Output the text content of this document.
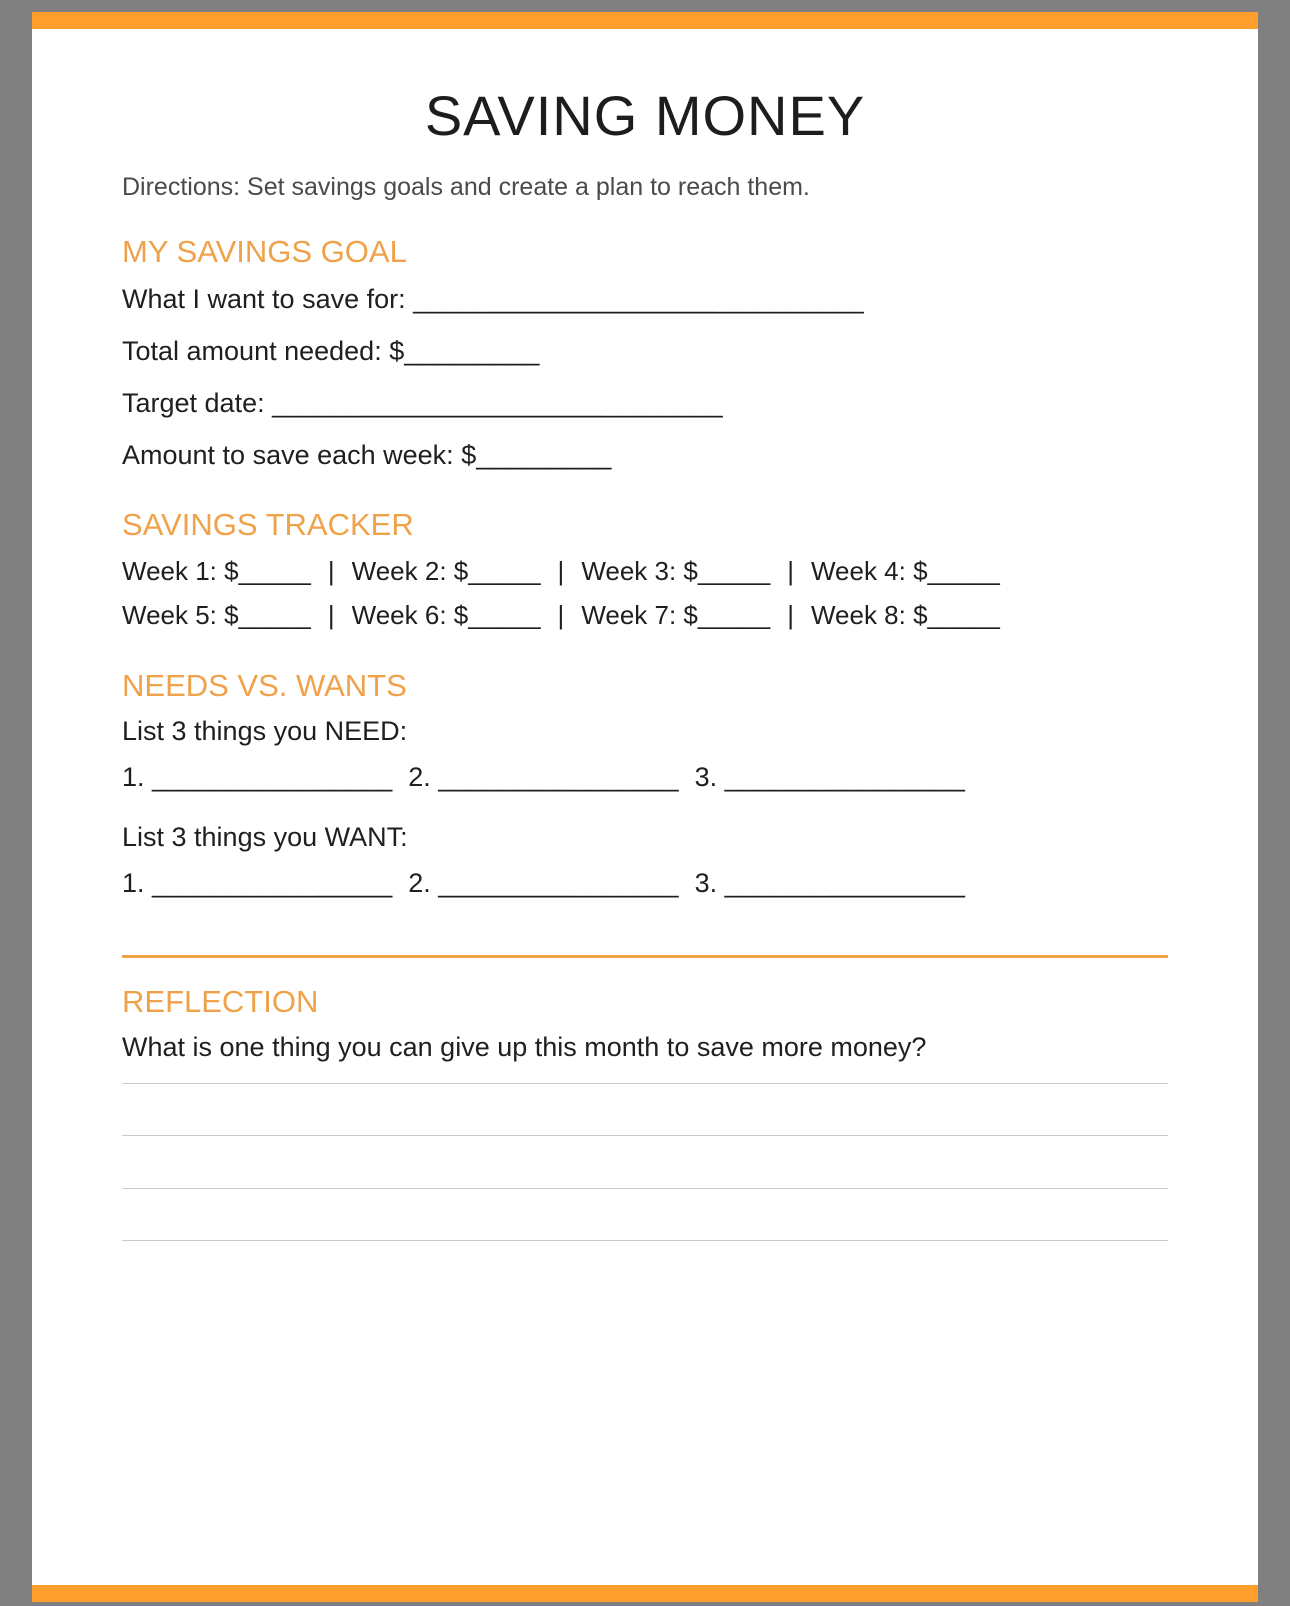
SAVING MONEY

Directions: Set savings goals and create a plan to reach them.

MY SAVINGS GOAL

What I want to save for: ______________________________

Total amount needed: $_________

Target date: ______________________________

Amount to save each week: $_________

SAVINGS TRACKER
Week 1: $_____ | Week 2: $_____ | Week 3: $_____ | Week 4: $_____
Week 5: $_____ | Week 6: $_____ | Week 7: $_____ | Week 8: $_____
NEEDS VS. WANTS

List 3 things you NEED:

1. ________________ 2. ________________ 3. ________________

List 3 things you WANT:

1. ________________ 2. ________________ 3. ________________
REFLECTION

What is one thing you can give up this month to save more money?
